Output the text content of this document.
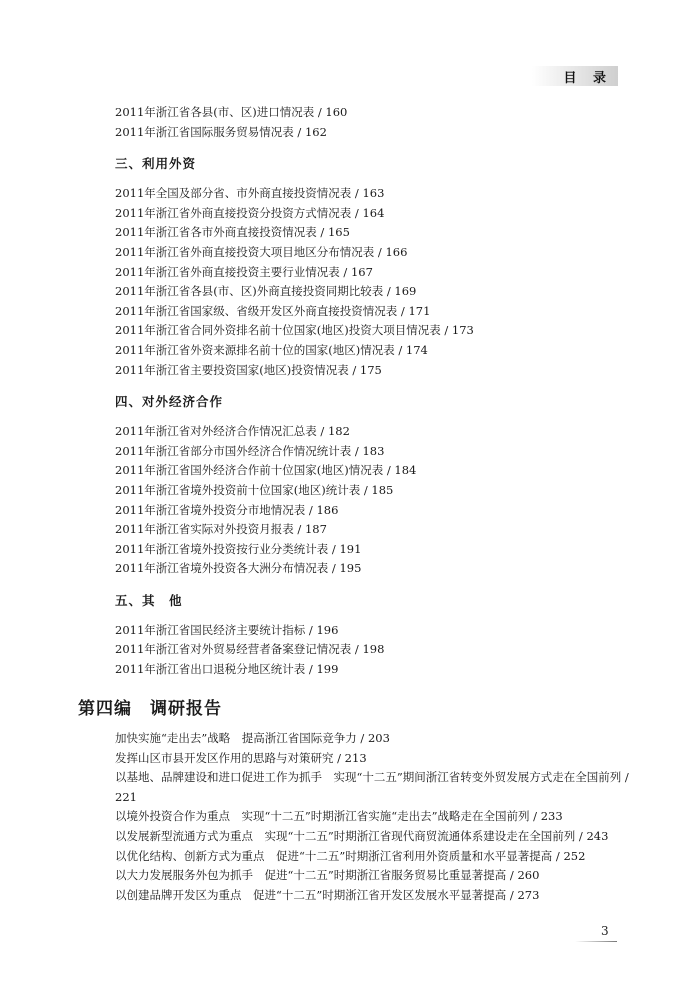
目 录
2011年浙江省各县(市、区)进口情况表 / 160
2011年浙江省国际服务贸易情况表 / 162
三、利用外资
2011年全国及部分省、市外商直接投资情况表 / 163
2011年浙江省外商直接投资分投资方式情况表 / 164
2011年浙江省各市外商直接投资情况表 / 165
2011年浙江省外商直接投资大项目地区分布情况表 / 166
2011年浙江省外商直接投资主要行业情况表 / 167
2011年浙江省各县(市、区)外商直接投资同期比较表 / 169
2011年浙江省国家级、省级开发区外商直接投资情况表 / 171
2011年浙江省合同外资排名前十位国家(地区)投资大项目情况表 / 173
2011年浙江省外资来源排名前十位的国家(地区)情况表 / 174
2011年浙江省主要投资国家(地区)投资情况表 / 175
四、对外经济合作
2011年浙江省对外经济合作情况汇总表 / 182
2011年浙江省部分市国外经济合作情况统计表 / 183
2011年浙江省国外经济合作前十位国家(地区)情况表 / 184
2011年浙江省境外投资前十位国家(地区)统计表 / 185
2011年浙江省境外投资分市地情况表 / 186
2011年浙江省实际对外投资月报表 / 187
2011年浙江省境外投资按行业分类统计表 / 191
2011年浙江省境外投资各大洲分布情况表 / 195
五、其　他
2011年浙江省国民经济主要统计指标 / 196
2011年浙江省对外贸易经营者备案登记情况表 / 198
2011年浙江省出口退税分地区统计表 / 199
第四编　调研报告
加快实施“走出去”战略　提高浙江省国际竞争力 / 203
发挥山区市县开发区作用的思路与对策研究 / 213
以基地、品牌建设和进口促进工作为抓手　实现“十二五”期间浙江省转变外贸发展方式走在全国前列 / 221
以境外投资合作为重点　实现“十二五”时期浙江省实施“走出去”战略走在全国前列 / 233
以发展新型流通方式为重点　实现“十二五”时期浙江省现代商贸流通体系建设走在全国前列 / 243
以优化结构、创新方式为重点　促进“十二五”时期浙江省利用外资质量和水平显著提高 / 252
以大力发展服务外包为抓手　促进“十二五”时期浙江省服务贸易比重显著提高 / 260
以创建品牌开发区为重点　促进“十二五”时期浙江省开发区发展水平显著提高 / 273
3
